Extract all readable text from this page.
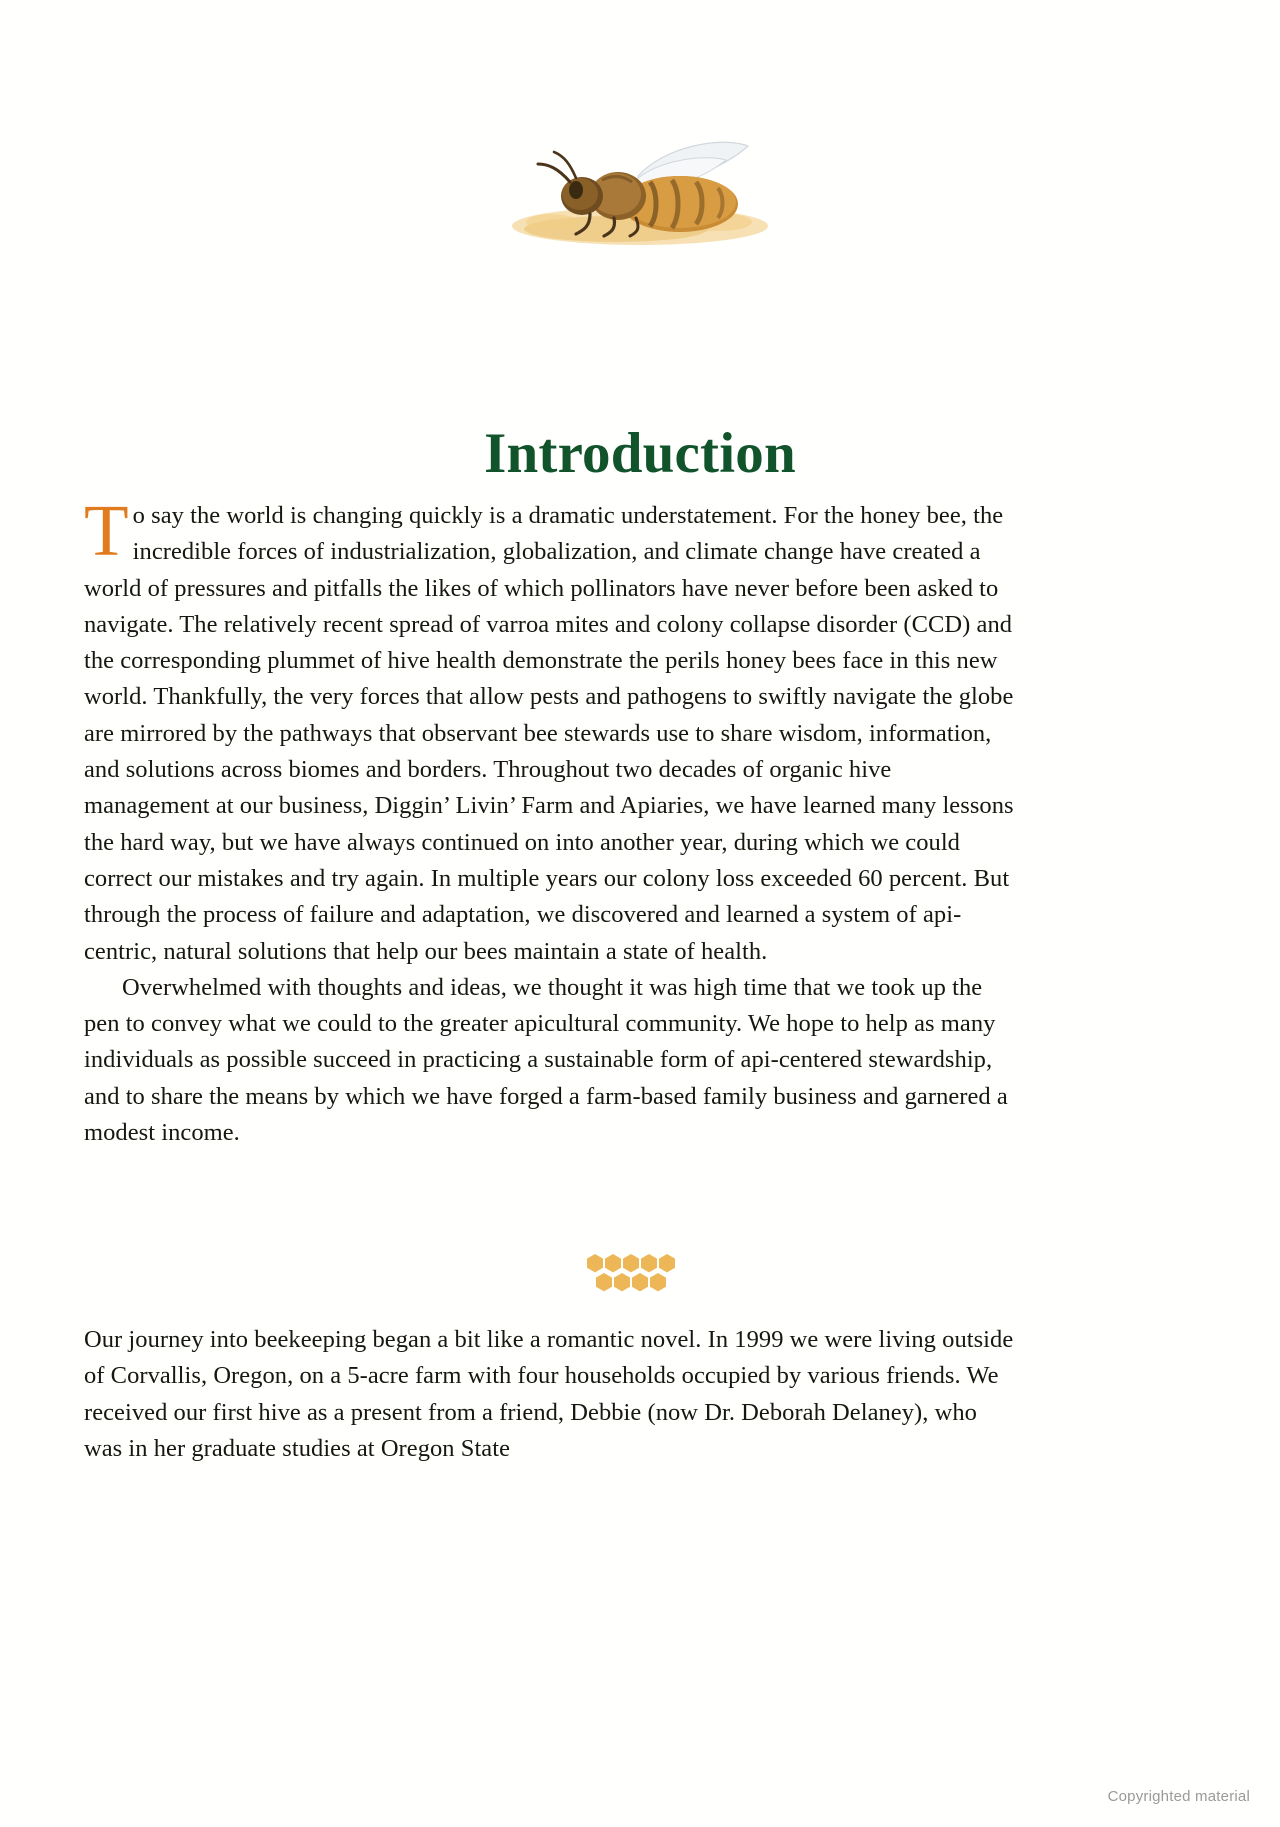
Introduction

To say the world is changing quickly is a dramatic understatement. For the honey bee, the incredible forces of industrialization, globalization, and climate change have created a world of pressures and pitfalls the likes of which pollinators have never before been asked to navigate. The relatively recent spread of varroa mites and colony collapse disorder (CCD) and the corresponding plummet of hive health demonstrate the perils honey bees face in this new world. Thankfully, the very forces that allow pests and pathogens to swiftly navigate the globe are mirrored by the pathways that observant bee stewards use to share wisdom, information, and solutions across biomes and borders. Throughout two decades of organic hive management at our business, Diggin’ Livin’ Farm and Apiaries, we have learned many lessons the hard way, but we have always continued on into another year, during which we could correct our mistakes and try again. In multiple years our colony loss exceeded 60 percent. But through the process of failure and adaptation, we discovered and learned a system of api-centric, natural solutions that help our bees maintain a state of health.

Overwhelmed with thoughts and ideas, we thought it was high time that we took up the pen to convey what we could to the greater apicultural community. We hope to help as many individuals as possible succeed in practicing a sustainable form of api-centered stewardship, and to share the means by which we have forged a farm-based family business and garnered a modest income.

Our journey into beekeeping began a bit like a romantic novel. In 1999 we were living outside of Corvallis, Oregon, on a 5-acre farm with four households occupied by various friends. We received our first hive as a present from a friend, Debbie (now Dr. Deborah Delaney), who was in her graduate studies at Oregon State

Copyrighted material
